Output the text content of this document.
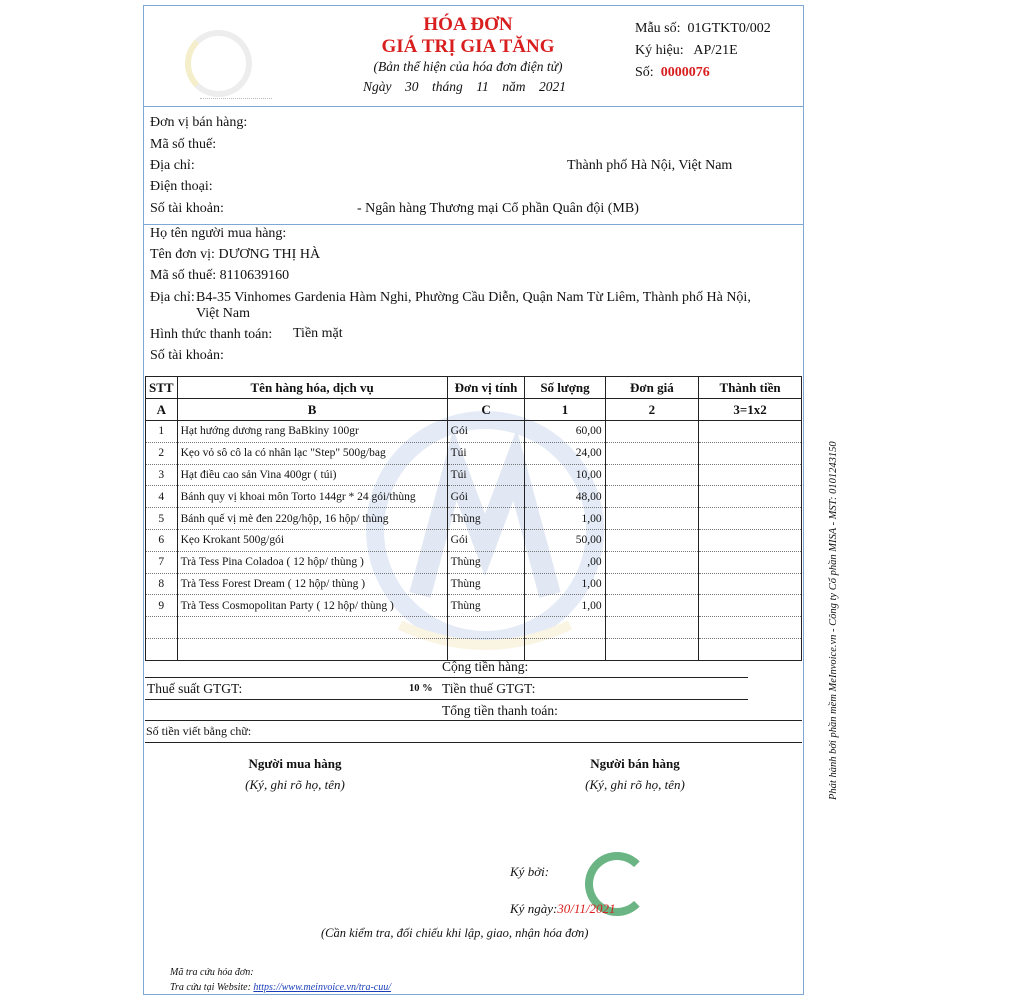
HÓA ĐƠN
GIÁ TRỊ GIA TĂNG
(Bản thể hiện của hóa đơn điện tử)
Ngày 30 tháng 11 năm 2021
Mẫu số: 01GTKT0/002
Ký hiệu: AP/21E
Số: 0000076
Đơn vị bán hàng:
Mã số thuế:
Địa chỉ:	Thành phố Hà Nội, Việt Nam
Điện thoại:
Số tài khoản:	- Ngân hàng Thương mại Cổ phần Quân đội (MB)
Họ tên người mua hàng:
Tên đơn vị: DƯƠNG THỊ HÀ
Mã số thuế: 8110639160
Địa chỉ: B4-35 Vinhomes Gardenia Hàm Nghi, Phường Cầu Diễn, Quận Nam Từ Liêm, Thành phố Hà Nội,
Việt Nam
Hình thức thanh toán: Tiền mặt
Số tài khoản:
STT	Tên hàng hóa, dịch vụ	Đơn vị tính	Số lượng	Đơn giá	Thành tiền
A	B	C	1	2	3=1x2
1	Hạt hướng dương rang BaBkiny 100gr	Gói	60,00		
2	Kẹo vỏ sô cô la có nhân lạc "Step" 500g/bag	Túi	24,00		
3	Hạt điều cao sản Vina 400gr ( túi)	Túi	10,00		
4	Bánh quy vị khoai môn Torto 144gr * 24 gói/thùng	Gói	48,00		
5	Bánh quế vị mè đen 220g/hộp, 16 hộp/ thùng	Thùng	1,00		
6	Kẹo Krokant 500g/gói	Gói	50,00		
7	Trà Tess Pina Coladoa ( 12 hộp/ thùng )	Thùng	,00		
8	Trà Tess Forest Dream ( 12 hộp/ thùng )	Thùng	1,00		
9	Trà Tess Cosmopolitan Party ( 12 hộp/ thùng )	Thùng	1,00		

Cộng tiền hàng:
Thuế suất GTGT:	10 % Tiền thuế GTGT:
Tổng tiền thanh toán:
Số tiền viết bằng chữ:
Người mua hàng
(Ký, ghi rõ họ, tên)
Người bán hàng
(Ký, ghi rõ họ, tên)
Ký bởi:
Ký ngày:30/11/2021
(Cần kiểm tra, đối chiếu khi lập, giao, nhận hóa đơn)
Mã tra cứu hóa đơn:
Tra cứu tại Website: https://www.meinvoice.vn/tra-cuu/
Phát hành bởi phần mềm MeInvoice.vn - Công ty Cổ phần MISA - MST: 0101243150
